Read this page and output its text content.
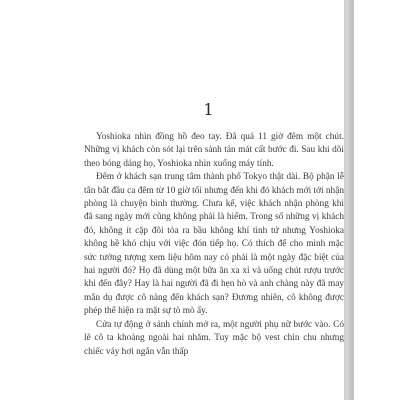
1

Yoshioka nhìn đồng hồ đeo tay. Đã quá 11 giờ đêm một chút. Những vị khách còn sót lại trên sảnh tản mát cất bước đi. Sau khi dõi theo bóng dáng họ, Yoshioka nhìn xuống máy tính.

Đêm ở khách sạn trung tâm thành phố Tokyo thật dài. Bộ phận lễ tân bắt đầu ca đêm từ 10 giờ tối nhưng đến khi đó khách mới tới nhận phòng là chuyện bình thường. Chưa kể, việc khách nhận phòng khi đã sang ngày mới cũng không phải là hiếm. Trong số những vị khách đó, không ít cặp đôi tỏa ra bầu không khí tình tứ nhưng Yoshioka không hề khó chịu với việc đón tiếp họ. Có thích để cho mình mặc sức tưởng tượng xem liệu hôm nay có phải là một ngày đặc biệt của hai người đó? Họ đã dùng một bữa ăn xa xỉ và uống chút rượu trước khi đến đây? Hay là hai người đã đi hẹn hò và anh chàng này đã may mắn dụ được cô nàng đến khách sạn? Đương nhiên, cô không được phép thể hiện ra mặt sự tò mò ấy.

Cửa tự động ở sảnh chính mở ra, một người phụ nữ bước vào. Có lẽ cô ta khoảng ngoài hai nhăm. Tuy mặc bộ vest chỉn chu nhưng chiếc váy hơi ngắn vẫn thấp
